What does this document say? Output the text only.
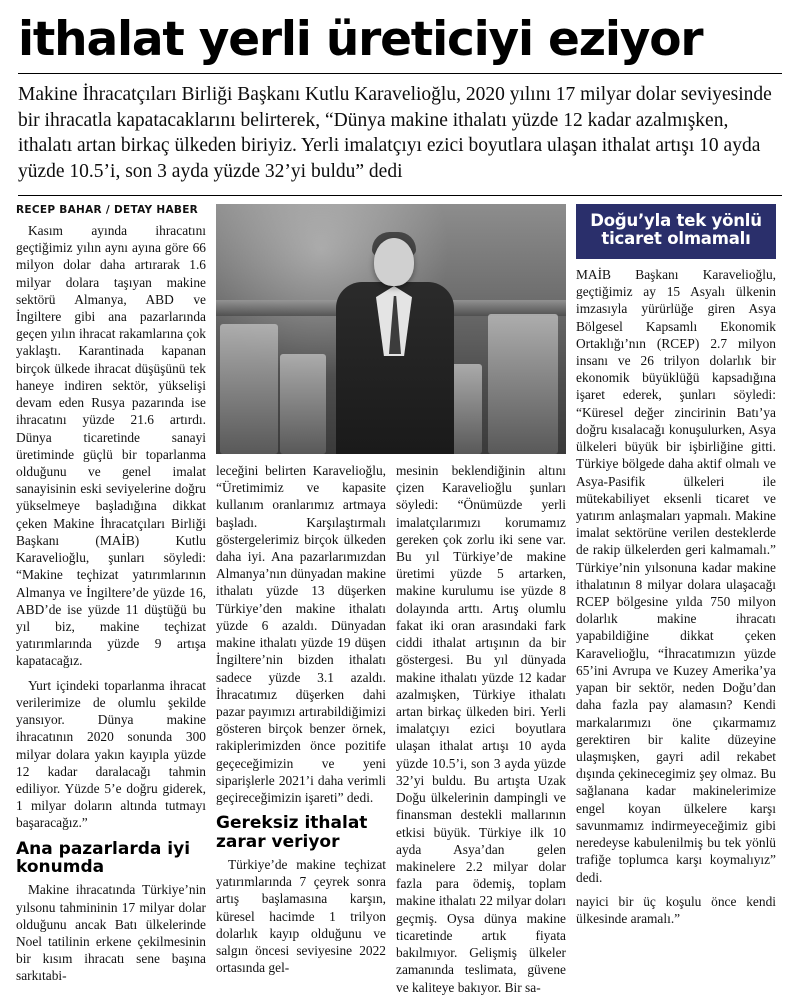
ithalat yerli üreticiyi eziyor
Makine İhracatçıları Birliği Başkanı Kutlu Karavelioğlu, 2020 yılını 17 milyar dolar seviyesinde bir ihracatla kapatacaklarını belirterek, “Dünya makine ithalatı yüzde 12 kadar azalmışken, ithalatı artan birkaç ülkeden biriyiz. Yerli imalatçıyı ezici boyutlara ulaşan ithalat artışı 10 ayda yüzde 10.5’i, son 3 ayda yüzde 32’yi buldu” dedi
RECEP BAHAR / DETAY HABER

Kasım ayında ihracatını geçtiğimiz yılın aynı ayına göre 66 milyon dolar daha artırarak 1.6 milyar dolara taşıyan makine sektörü Almanya, ABD ve İngiltere gibi ana pazarlarında geçen yılın ihracat rakamlarına çok yaklaştı. Karantinada kapanan birçok ülkede ihracat düşüşünü tek haneye indiren sektör, yükselişi devam eden Rusya pazarında ise ihracatını yüzde 21.6 artırdı. Dünya ticaretinde sanayi üretiminde güçlü bir toparlanma olduğunu ve genel imalat sanayisinin eski seviyelerine doğru yükselmeye başladığına dikkat çeken Makine İhracatçıları Birliği Başkanı (MAİB) Kutlu Karavelioğlu, şunları söyledi: “Makine teçhizat yatırımlarının Almanya ve İngiltere’de yüzde 16, ABD’de ise yüzde 11 düştüğü bu yıl biz, makine teçhizat yatırımlarında yüzde 9 artışa kapatacağız.

Yurt içindeki toparlanma ihracat verilerimize de olumlu şekilde yansıyor. Dünya makine ihracatının 2020 sonunda 300 milyar dolara yakın kayıpla yüzde 12 kadar daralacağı tahmin ediliyor. Yüzde 5’e doğru giderek, 1 milyar doların altında tutmayı başaracağız.”

Ana pazarlarda iyi konumda

Makine ihracatında Türkiye’nin yılsonu tahmininin 17 milyar dolar olduğunu ancak Batı ülkelerinde Noel tatilinin erkene çekilmesinin bir kısım ihracatı sene başına sarkıtabi-

leceğini belirten Karavelioğlu, “Üretimimiz ve kapasite kullanım oranlarımız artmaya başladı. Karşılaştırmalı göstergelerimiz birçok ülkeden daha iyi. Ana pazarlarımızdan Almanya’nın dünyadan makine ithalatı yüzde 13 düşerken Türkiye’den makine ithalatı yüzde 6 azaldı. Dünyadan makine ithalatı yüzde 19 düşen İngiltere’nin bizden ithalatı sadece yüzde 3.1 azaldı. İhracatımız düşerken dahi pazar payımızı artırabildiğimizi gösteren birçok benzer örnek, rakiplerimizden önce pozitife geçeceğimizin ve yeni siparişlerle 2021’i daha verimli geçireceğimizin işareti” dedi.

Gereksiz ithalat zarar veriyor

Türkiye’de makine teçhizat yatırımlarında 7 çeyrek sonra artış başlamasına karşın, küresel hacimde 1 trilyon dolarlık kayıp olduğunu ve salgın öncesi seviyesine 2022 ortasında gel-

mesinin beklendiğinin altını çizen Karavelioğlu şunları söyledi: “Önümüzde yerli imalatçılarımızı korumamız gereken çok zorlu iki sene var. Bu yıl Türkiye’de makine üretimi yüzde 5 artarken, makine kurulumu ise yüzde 8 dolayında arttı. Artış olumlu fakat iki oran arasındaki fark ciddi ithalat artışının da bir göstergesi. Bu yıl dünyada makine ithalatı yüzde 12 kadar azalmışken, Türkiye ithalatı artan birkaç ülkeden biri. Yerli imalatçıyı ezici boyutlara ulaşan ithalat artışı 10 ayda yüzde 10.5’i, son 3 ayda yüzde 32’yi buldu. Bu artışta Uzak Doğu ülkelerinin dampingli ve finansman destekli mallarının etkisi büyük. Türkiye ilk 10 ayda Asya’dan gelen makinelere 2.2 milyar dolar fazla para ödemiş, toplam makine ithalatı 22 milyar doları geçmiş. Oysa dünya makine ticaretinde artık fiyata bakılmıyor. Gelişmiş ülkeler zamanında teslimata, güvene ve kaliteye bakıyor. Bir sa-

Doğu’yla tek yönlü ticaret olmamalı

MAİB Başkanı Karavelioğlu, geçtiğimiz ay 15 Asyalı ülkenin imzasıyla yürürlüğe giren Asya Bölgesel Kapsamlı Ekonomik Ortaklığı’nın (RCEP) 2.7 milyon insanı ve 26 trilyon dolarlık bir ekonomik büyüklüğü kapsadığına işaret ederek, şunları söyledi: “Küresel değer zincirinin Batı’ya doğru kısalacağı konuşulurken, Asya ülkeleri büyük bir işbirliğine gitti. Türkiye bölgede daha aktif olmalı ve Asya-Pasifik ülkeleri ile mütekabiliyet eksenli ticaret ve yatırım anlaşmaları yapmalı. Makine imalat sektörüne verilen desteklerde de rakip ülkelerden geri kalmamalı.” Türkiye’nin yılsonuna kadar makine ithalatının 8 milyar dolara ulaşacağı RCEP bölgesine yılda 750 milyon dolarlık makine ihracatı yapabildiğine dikkat çeken Karavelioğlu, “İhracatımızın yüzde 65’ini Avrupa ve Kuzey Amerika’ya yapan bir sektör, neden Doğu’dan daha fazla pay alamasın? Kendi markalarımızı öne çıkarmamız gerektiren bir kalite düzeyine ulaşmışken, gayri adil rekabet dışında çekinecegimiz şey olmaz. Bu sağlanana kadar makinelerimize engel koyan ülkelere karşı savunmamız indirmeyeceğimiz gibi neredeyse kabulenilmiş bu tek yönlü trafiğe toplumca karşı koymalıyız” dedi.

nayici bir üç koşulu önce kendi ülkesinde aramalı.”
